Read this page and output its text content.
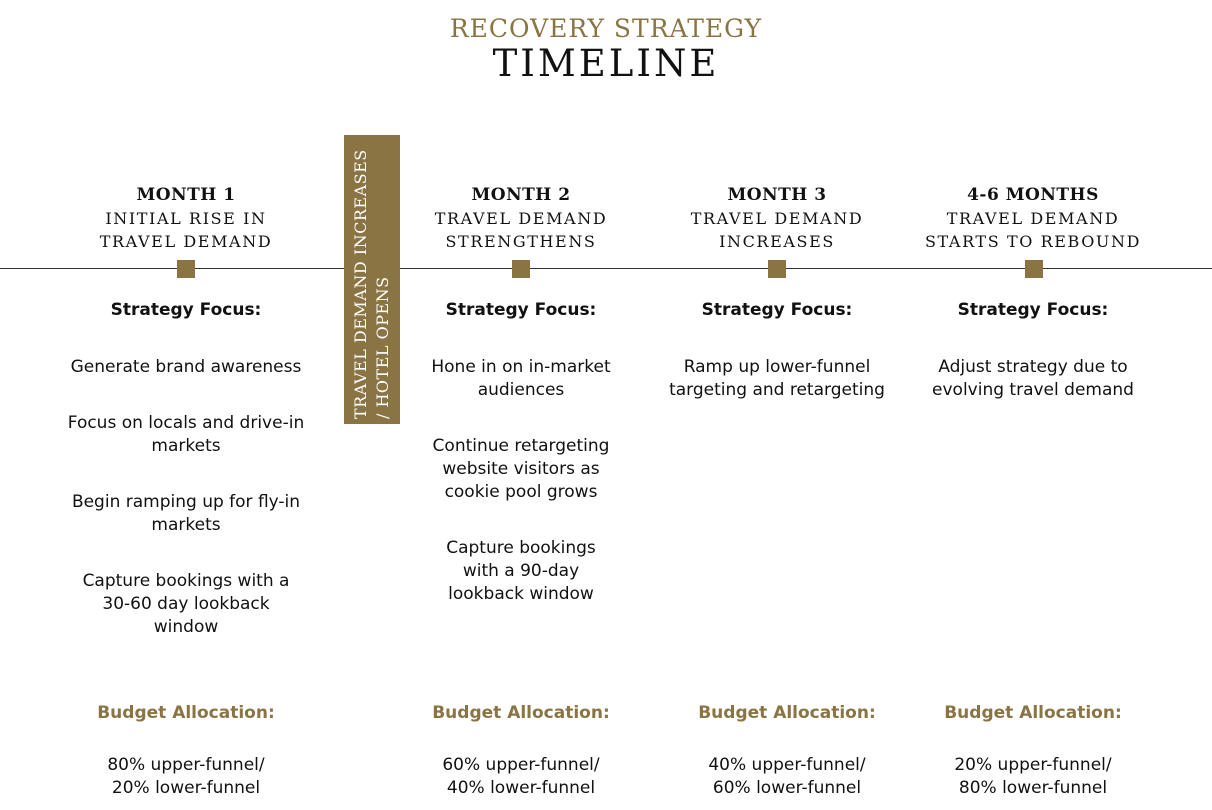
RECOVERY STRATEGY
TIMELINE
TRAVEL DEMAND INCREASES / HOTEL OPENS
MONTH 1
INITIAL RISE IN
TRAVEL DEMAND
Strategy Focus:
Generate brand awareness
Focus on locals and drive-in markets
Begin ramping up for fly-in markets
Capture bookings with a 30-60 day lookback window
Budget Allocation:
80% upper-funnel/
20% lower-funnel
MONTH 2
TRAVEL DEMAND
STRENGTHENS
Strategy Focus:
Hone in on in-market audiences
Continue retargeting website visitors as cookie pool grows
Capture bookings with a 90-day lookback window
Budget Allocation:
60% upper-funnel/
40% lower-funnel
MONTH 3
TRAVEL DEMAND
INCREASES
Strategy Focus:
Ramp up lower-funnel targeting and retargeting
Budget Allocation:
40% upper-funnel/
60% lower-funnel
4-6 MONTHS
TRAVEL DEMAND
STARTS TO REBOUND
Strategy Focus:
Adjust strategy due to evolving travel demand
Budget Allocation:
20% upper-funnel/
80% lower-funnel
